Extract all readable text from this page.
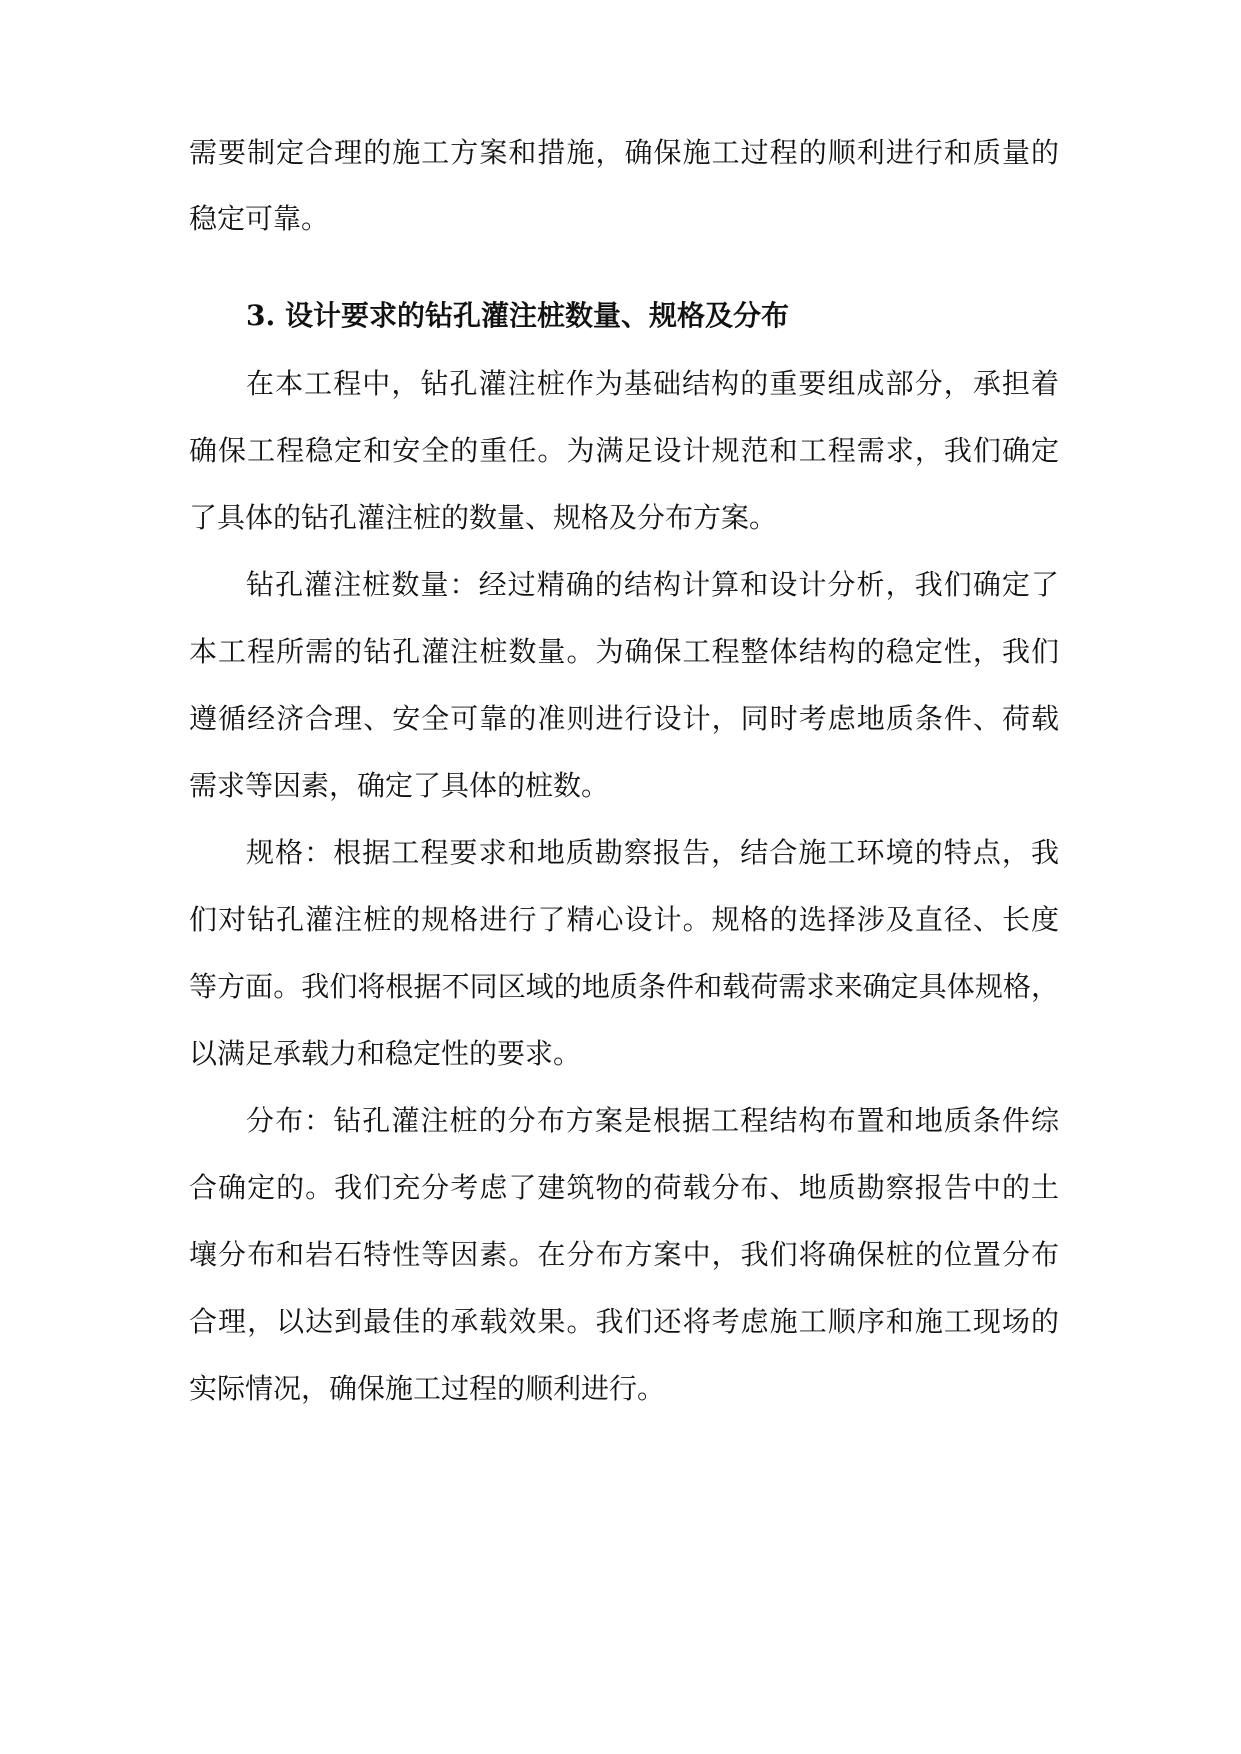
需要制定合理的施工方案和措施，确保施工过程的顺利进行和质量的
稳定可靠。
3. 设计要求的钻孔灌注桩数量、规格及分布
在本工程中，钻孔灌注桩作为基础结构的重要组成部分，承担着
确保工程稳定和安全的重任。为满足设计规范和工程需求，我们确定
了具体的钻孔灌注桩的数量、规格及分布方案。
钻孔灌注桩数量：经过精确的结构计算和设计分析，我们确定了
本工程所需的钻孔灌注桩数量。为确保工程整体结构的稳定性，我们
遵循经济合理、安全可靠的准则进行设计，同时考虑地质条件、荷载
需求等因素，确定了具体的桩数。
规格：根据工程要求和地质勘察报告，结合施工环境的特点，我
们对钻孔灌注桩的规格进行了精心设计。规格的选择涉及直径、长度
等方面。我们将根据不同区域的地质条件和载荷需求来确定具体规格，
以满足承载力和稳定性的要求。
分布：钻孔灌注桩的分布方案是根据工程结构布置和地质条件综
合确定的。我们充分考虑了建筑物的荷载分布、地质勘察报告中的土
壤分布和岩石特性等因素。在分布方案中，我们将确保桩的位置分布
合理，以达到最佳的承载效果。我们还将考虑施工顺序和施工现场的
实际情况，确保施工过程的顺利进行。
